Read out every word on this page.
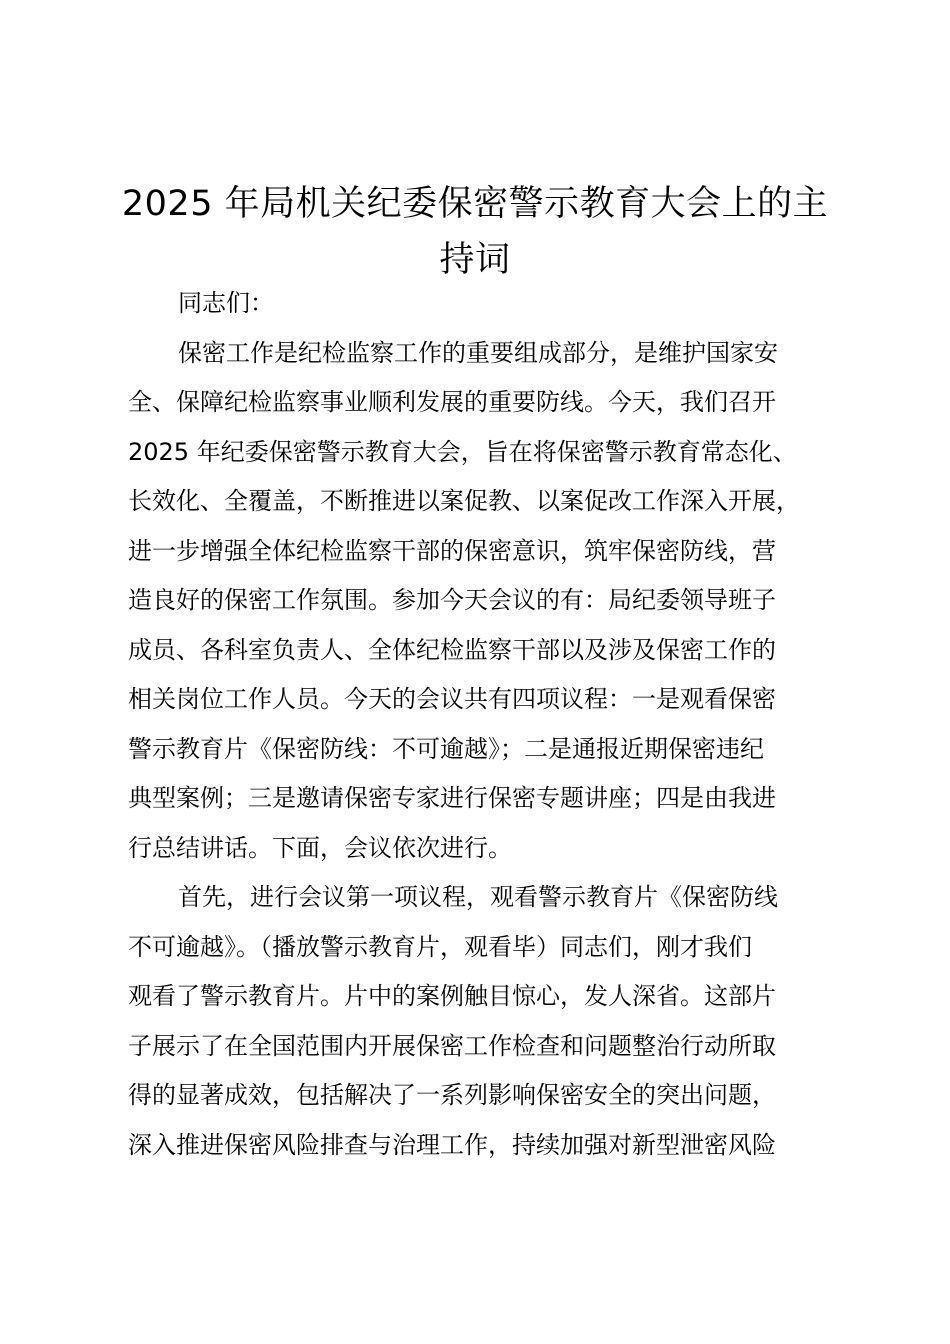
2025 年局机关纪委保密警示教育大会上的主
持词
同志们：
保密工作是纪检监察工作的重要组成部分，是维护国家安
全、保障纪检监察事业顺利发展的重要防线。今天，我们召开
2025 年纪委保密警示教育大会，旨在将保密警示教育常态化、
长效化、全覆盖，不断推进以案促教、以案促改工作深入开展，
进一步增强全体纪检监察干部的保密意识，筑牢保密防线，营
造良好的保密工作氛围。参加今天会议的有：局纪委领导班子
成员、各科室负责人、全体纪检监察干部以及涉及保密工作的
相关岗位工作人员。今天的会议共有四项议程：一是观看保密
警示教育片《保密防线：不可逾越》；二是通报近期保密违纪
典型案例；三是邀请保密专家进行保密专题讲座；四是由我进
行总结讲话。下面，会议依次进行。
首先，进行会议第一项议程，观看警示教育片《保密防线
不可逾越》。（播放警示教育片，观看毕）同志们，刚才我们
观看了警示教育片。片中的案例触目惊心，发人深省。这部片
子展示了在全国范围内开展保密工作检查和问题整治行动所取
得的显著成效，包括解决了一系列影响保密安全的突出问题，
深入推进保密风险排查与治理工作，持续加强对新型泄密风险
